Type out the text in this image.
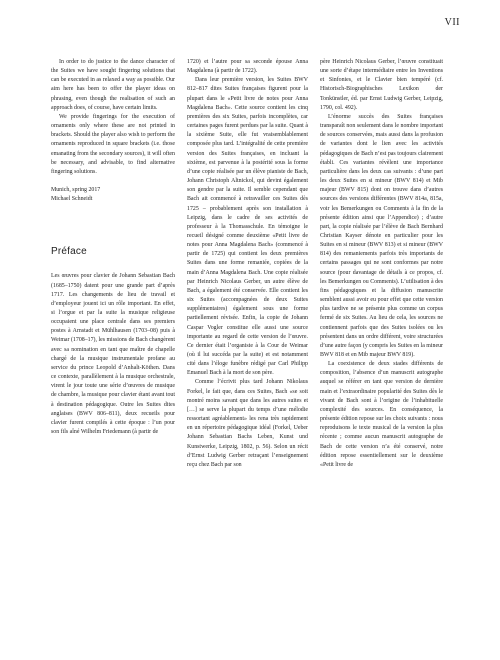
VII

In order to do justice to the dance character of the Suites we have sought fingering solutions that can be executed in as relaxed a way as possible. Our aim here has been to offer the player ideas on phrasing, even though the realisation of such an approach does, of course, have certain limits.

We provide fingerings for the execution of ornaments only where these are not printed in brackets. Should the player also wish to perform the ornaments reproduced in square brackets (i.e. those emanating from the secondary sources), it will often be necessary, and advisable, to find alternative fingering solutions.

Munich, spring 2017

Michael Schneidt

Préface

Les œuvres pour clavier de Johann Sebastian Bach (1685–1750) datent pour une grande part d’après 1717. Les changements de lieu de travail et d’employeur jouent ici un rôle important. En effet, si l’orgue et par la suite la musique religieuse occupaient une place centrale dans ses premiers postes à Arnstadt et Mühlhausen (1703–08) puis à Weimar (1708–17), les missions de Bach changèrent avec sa nomination en tant que maître de chapelle chargé de la musique instrumentale profane au service du prince Leopold d’Anhalt-Köthen. Dans ce contexte, parallèlement à la musique orchestrale, virent le jour toute une série d’œuvres de musique de chambre, la musique pour clavier étant avant tout à destination pédagogique. Outre les Suites dites anglaises (BWV 806–811), deux recueils pour clavier furent compilés à cette époque : l’un pour son fils aîné Wilhelm Friedemann (à partir de

1720) et l’autre pour sa seconde épouse Anna Magdalena (à partir de 1722).

Dans leur première version, les Suites BWV 812–817 dites Suites françaises figurent pour la plupart dans le «Petit livre de notes pour Anna Magdalena Bach». Cette source contient les cinq premières des six Suites, parfois incomplètes, car certaines pages furent perdues par la suite. Quant à la sixième Suite, elle fut vraisemblablement composée plus tard. L’intégralité de cette première version des Suites françaises, en incluant la sixième, est parvenue à la postérité sous la forme d’une copie réalisée par un élève pianiste de Bach, Johann Christoph Altnickol, qui devint également son gendre par la suite. Il semble cependant que Bach ait commencé à retravailler ces Suites dès 1725 – probablement après son installation à Leipzig, dans le cadre de ses activités de professeur à la Thomasschule. En témoigne le recueil désigné comme deuxième «Petit livre de notes pour Anna Magdalena Bach» (commencé à partir de 1725) qui contient les deux premières Suites dans une forme remaniée, copiées de la main d’Anna Magdalena Bach. Une copie réalisée par Heinrich Nicolaus Gerber, un autre élève de Bach, a également été conservée. Elle contient les six Suites (accompagnées de deux Suites supplémentaires) également sous une forme partiellement révisée. Enfin, la copie de Johann Caspar Vogler constitue elle aussi une source importante au regard de cette version de l’œuvre. Ce dernier était l’organiste à la Cour de Weimar (où il lui succéda par la suite) et est notamment cité dans l’éloge funèbre rédigé par Carl Philipp Emanuel Bach à la mort de son père.

Comme l’écrivit plus tard Johann Nikolaus Forkel, le fait que, dans ces Suites, Bach «se soit montré moins savant que dans les autres suites et […] se serve la plupart du temps d’une mélodie ressortant agréablement» les rena très rapidement en un répertoire pédagogique idéal (Forkel, Ueber Johann Sebastian Bachs Leben, Kunst und Kunstwerke, Leipzig, 1802, p. 56). Selon un récit d’Ernst Ludwig Gerber retraçant l’enseignement reçu chez Bach par son

père Heinrich Nicolaus Gerber, l’œuvre constituait une sorte d’étape intermédiaire entre les Inventions et Sinfonies, et le Clavier bien tempéré (cf. Historisch-Biographisches Lexikon der Tonkünstler, éd. par Ernst Ludwig Gerber, Leipzig, 1790, col. 492).

L’énorme succès des Suites françaises transparaît non seulement dans le nombre important de sources conservées, mais aussi dans la profusion de variantes dont le lien avec les activités pédagogiques de Bach n’est pas toujours clairement établi. Ces variantes révèlent une importance particulière dans les deux cas suivants : d’une part les deux Suites en si mineur (BWV 814) et Mib majeur (BWV 815) dont on trouve dans d’autres sources des versions différentes (BWV 814a, 815a, voir les Bemerkungen ou Comments à la fin de la présente édition ainsi que l’Appendice) ; d’autre part, la copie réalisée par l’élève de Bach Bernhard Christian Kayser dénote en particulier pour les Suites en si mineur (BWV 813) et si mineur (BWV 814) des remaniements parfois très importants de certains passages qui ne sont conformes par notre source (pour davantage de détails à ce propos, cf. les Bemerkungen ou Comments). L’utilisation à des fins pédagogiques et la diffusion manuscrite semblent aussi avoir eu pour effet que cette version plus tardive ne se présente plus comme un corpus fermé de six Suites. Au lieu de cela, les sources ne contiennent parfois que des Suites isolées ou les présentent dans un ordre différent, voire structurées d’une autre façon (y compris les Suites en la mineur BWV 818 et en Mib majeur BWV 819).

La coexistence de deux stades différents de composition, l’absence d’un manuscrit autographe auquel se référer en tant que version de dernière main et l’extraordinaire popularité des Suites dès le vivant de Bach sont à l’origine de l’inhabituelle complexité des sources. En conséquence, la présente édition repose sur les choix suivants : nous reproduisons le texte musical de la version la plus récente ; comme aucun manuscrit autographe de Bach de cette version n’a été conservé, notre édition repose essentiellement sur le deuxième «Petit livre de
